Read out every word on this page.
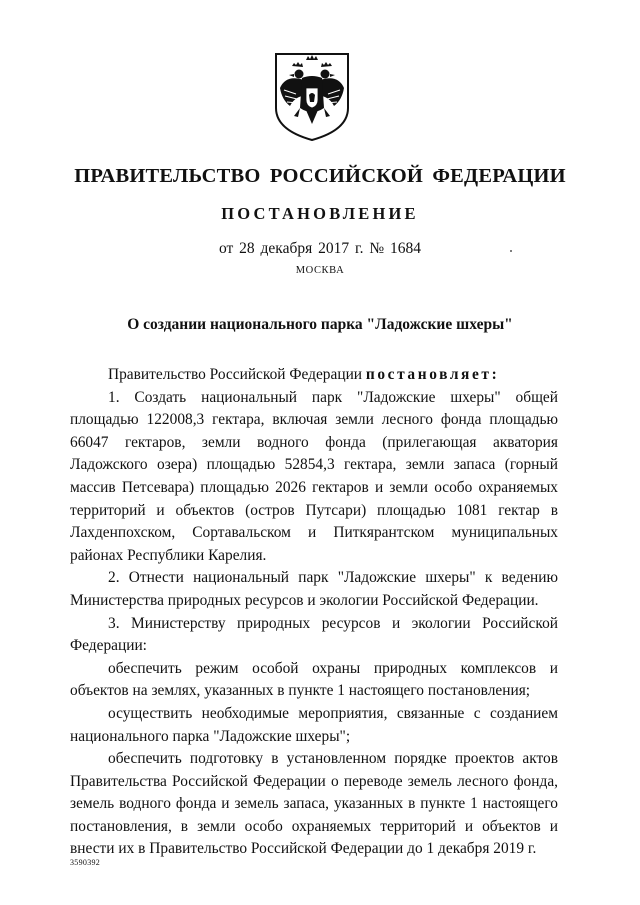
ПРАВИТЕЛЬСТВО РОССИЙСКОЙ ФЕДЕРАЦИИ
ПОСТАНОВЛЕНИЕ

от 28 декабря 2017 г. № 1684

МОСКВА

О создании национального парка "Ладожские шхеры"

Правительство Российской Федерации постановляет:

1. Создать национальный парк "Ладожские шхеры" общей площадью 122008,3 гектара, включая земли лесного фонда площадью 66047 гектаров, земли водного фонда (прилегающая акватория Ладожского озера) площадью 52854,3 гектара, земли запаса (горный массив Петсевара) площадью 2026 гектаров и земли особо охраняемых территорий и объектов (остров Путсари) площадью 1081 гектар в Лахденпохском, Сортавальском и Питкярантском муниципальных районах Республики Карелия.

2. Отнести национальный парк "Ладожские шхеры" к ведению Министерства природных ресурсов и экологии Российской Федерации.

3. Министерству природных ресурсов и экологии Российской Федерации:

обеспечить режим особой охраны природных комплексов и объектов на землях, указанных в пункте 1 настоящего постановления;

осуществить необходимые мероприятия, связанные с созданием национального парка "Ладожские шхеры";

обеспечить подготовку в установленном порядке проектов актов Правительства Российской Федерации о переводе земель лесного фонда, земель водного фонда и земель запаса, указанных в пункте 1 настоящего постановления, в земли особо охраняемых территорий и объектов и внести их в Правительство Российской Федерации до 1 декабря 2019 г.

3590392
